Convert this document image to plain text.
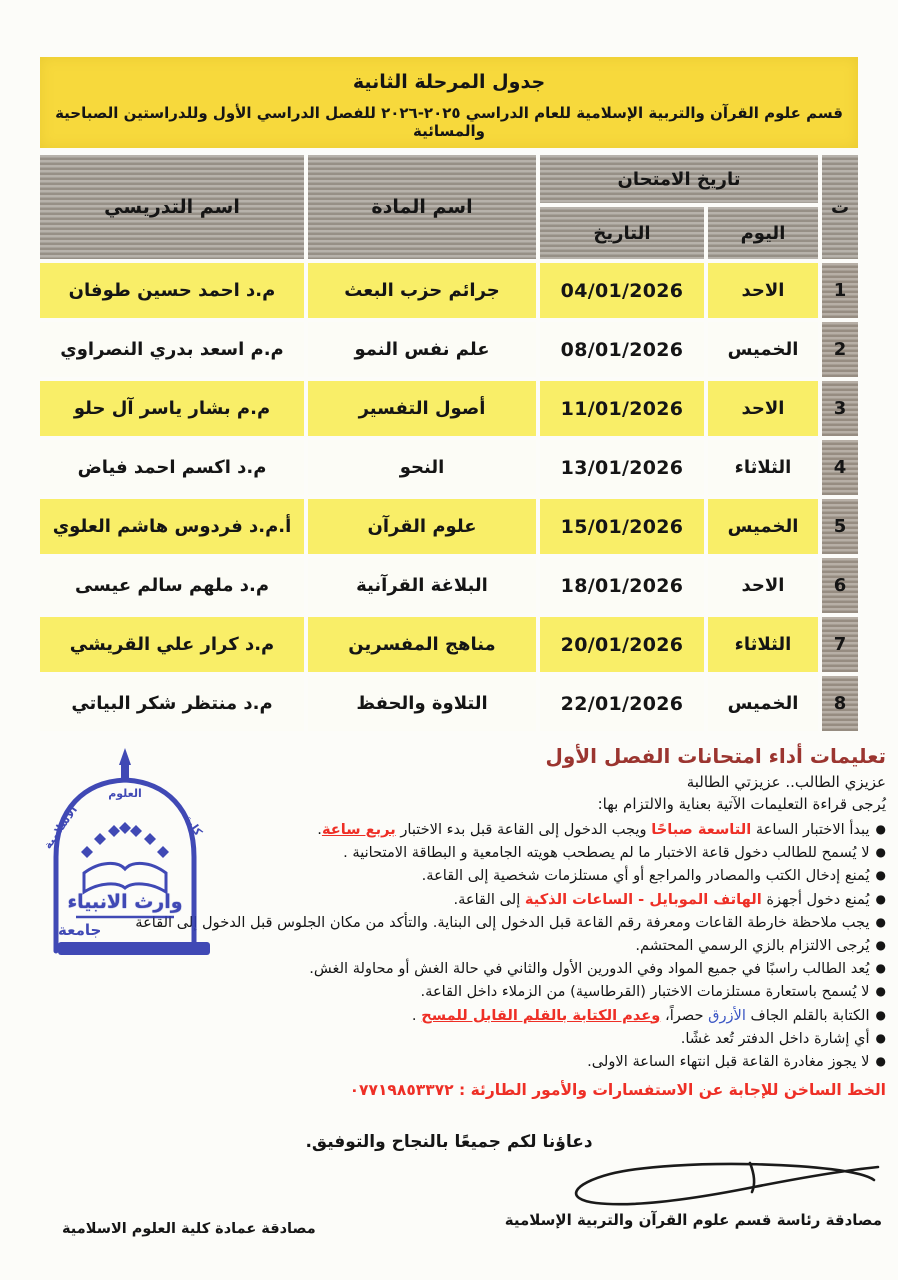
جدول المرحلة الثانية
قسم علوم القرآن والتربية الإسلامية للعام الدراسي ٢٠٢٥-٢٠٢٦ للفصل الدراسي الأول وللدراستين الصباحية والمسائية
ت	تاريخ الامتحان		اسم المادة	اسم التدريسي
	اليوم	التاريخ		
1	الاحد	04/01/2026	جرائم حزب البعث	م.د احمد حسين طوفان
2	الخميس	08/01/2026	علم نفس النمو	م.م اسعد بدري النصراوي
3	الاحد	11/01/2026	أصول التفسير	م.م بشار ياسر آل حلو
4	الثلاثاء	13/01/2026	النحو	م.د اكسم احمد فياض
5	الخميس	15/01/2026	علوم القرآن	أ.م.د فردوس هاشم العلوي
6	الاحد	18/01/2026	البلاغة القرآنية	م.د ملهم سالم عيسى
7	الثلاثاء	20/01/2026	مناهج المفسرين	م.د كرار علي القريشي
8	الخميس	22/01/2026	التلاوة والحفظ	م.د منتظر شكر البياتي
تعليمات أداء امتحانات الفصل الأول
عزيزي الطالب.. عزيزتي الطالبة
يُرجى قراءة التعليمات الآتية بعناية والالتزام بها:
●يبدأ الاختبار الساعة التاسعة صباحًا ويجب الدخول إلى القاعة قبل بدء الاختبار بربع ساعة.
●لا يُسمح للطالب دخول قاعة الاختبار ما لم يصطحب هويته الجامعية و البطاقة الامتحانية .
●يُمنع إدخال الكتب والمصادر والمراجع أو أي مستلزمات شخصية إلى القاعة.
●يُمنع دخول أجهزة الهاتف الموبايل - الساعات الذكية إلى القاعة.
●يجب ملاحظة خارطة القاعات ومعرفة رقم القاعة قبل الدخول إلى البناية. والتأكد من مكان الجلوس قبل الدخول إلى القاعة
●يُرجى الالتزام بالزي الرسمي المحتشم.
●يُعد الطالب راسبًا في جميع المواد وفي الدورين الأول والثاني في حالة الغش أو محاولة الغش.
●لا يُسمح باستعارة مستلزمات الاختبار (القرطاسية) من الزملاء داخل القاعة.
●الكتابة بالقلم الجاف الأزرق حصراً، وعدم الكتابة بالقلم القابل للمسح .
●أي إشارة داخل الدفتر تُعد غشًا.
●لا يجوز مغادرة القاعة قبل انتهاء الساعة الاولى.
الخط الساخن للإجابة عن الاستفسارات والأمور الطارئة : ٠٧٧١٩٨٥٣٣٧٢
كلية
العلوم
الاسلامية
وارث الانبياء
جامعة
دعاؤنا لكم جميعًا بالنجاح والتوفيق.
مصادقة رئاسة قسم علوم القرآن والتربية الإسلامية
مصادقة عمادة كلية العلوم الاسلامية
